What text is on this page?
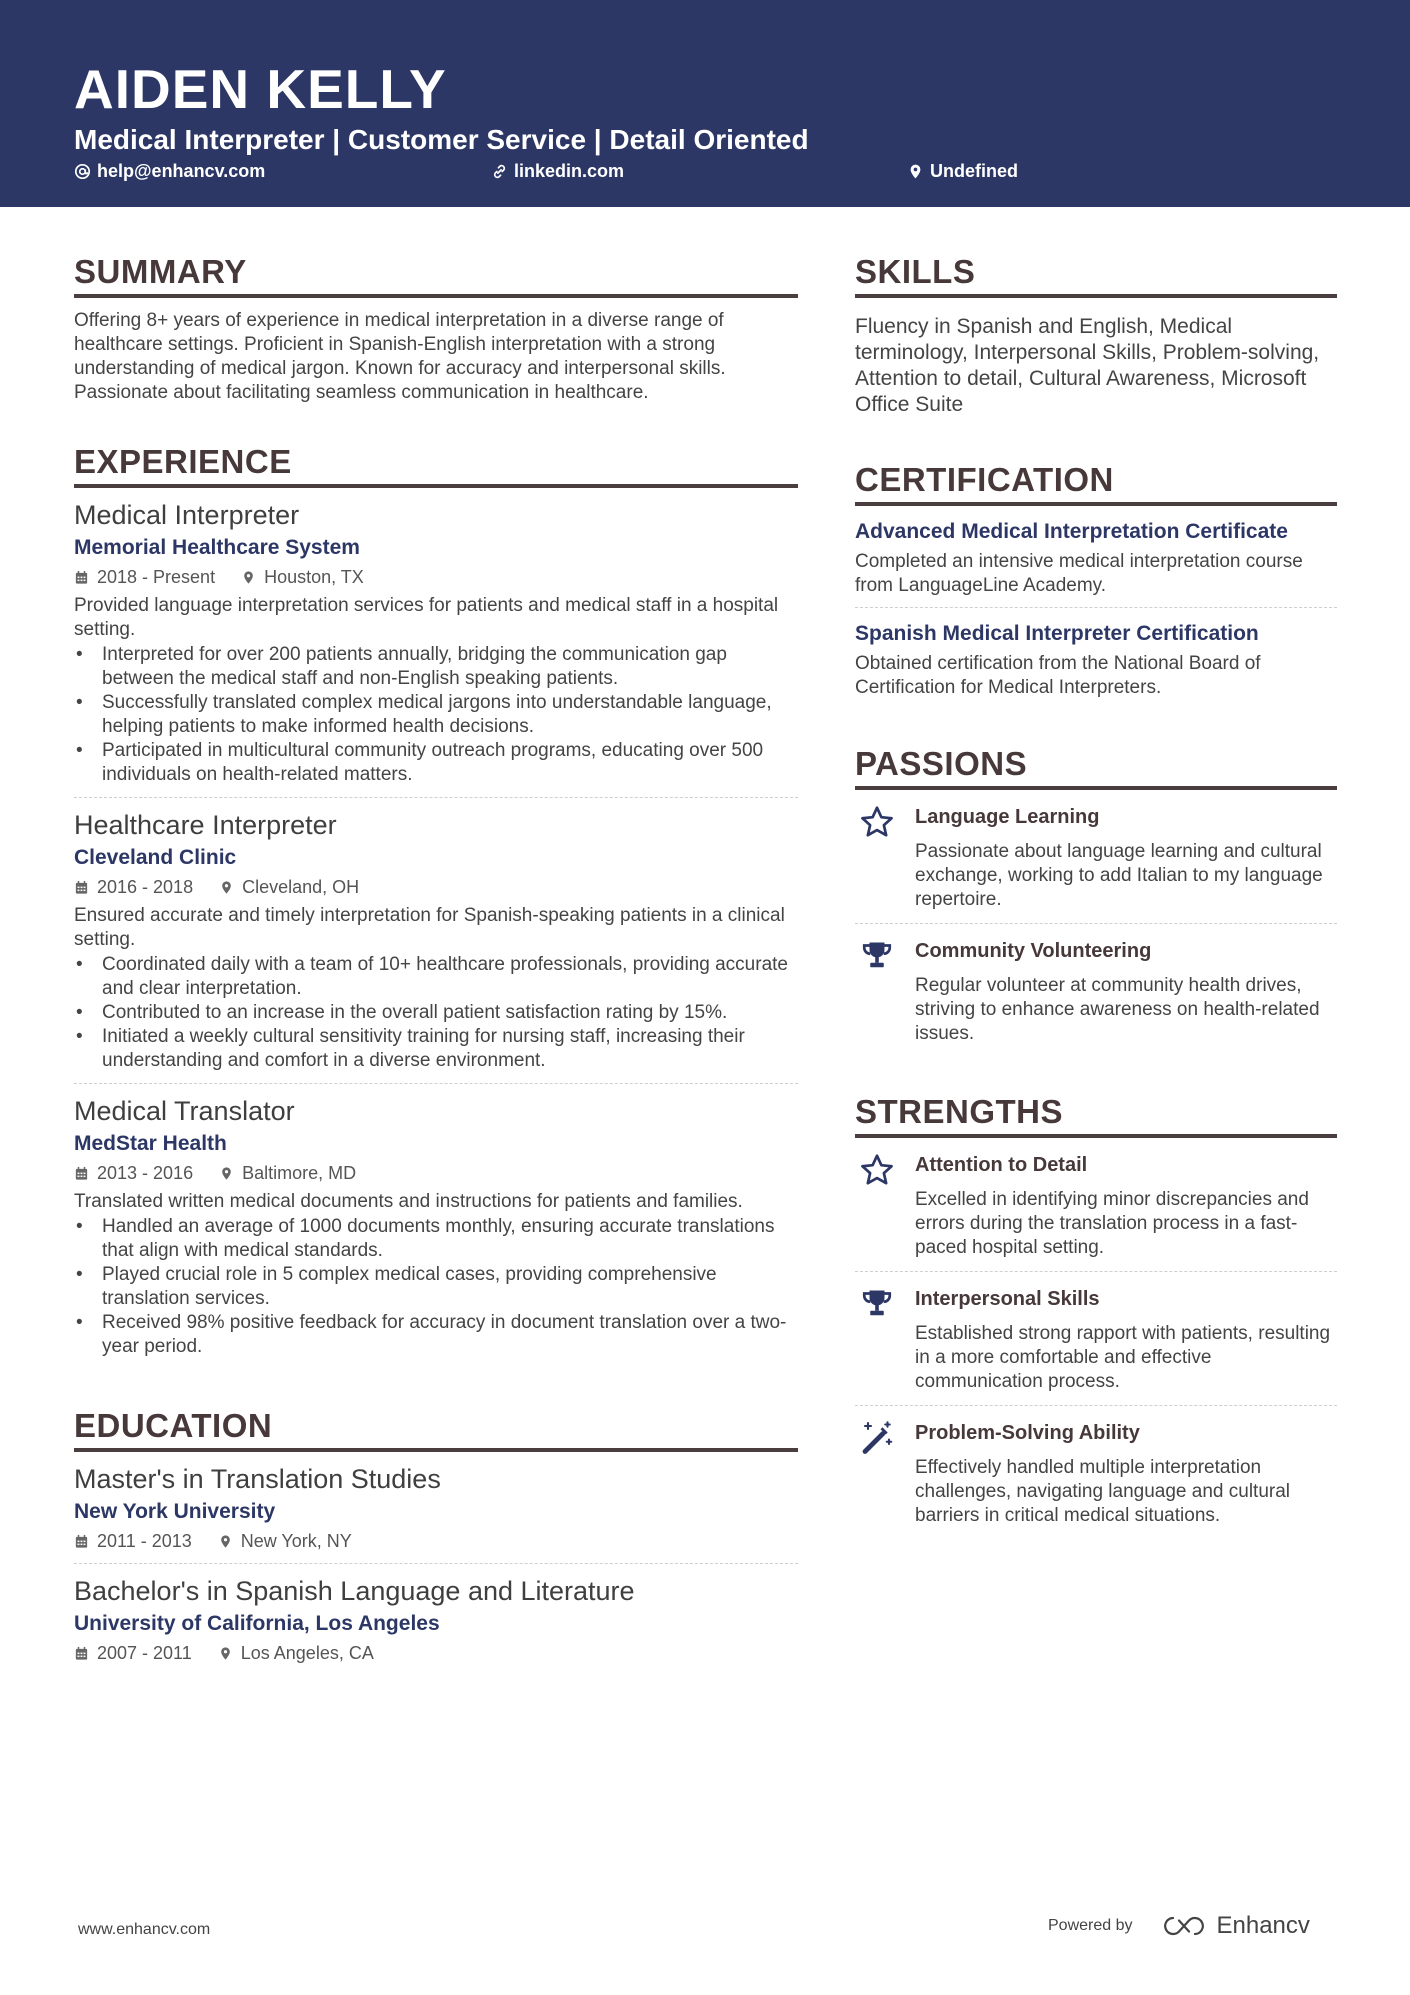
AIDEN KELLY
Medical Interpreter | Customer Service | Detail Oriented
help@enhancv.com	linkedin.com	Undefined
SUMMARY
Offering 8+ years of experience in medical interpretation in a diverse range of healthcare settings. Proficient in Spanish-English interpretation with a strong understanding of medical jargon. Known for accuracy and interpersonal skills. Passionate about facilitating seamless communication in healthcare.
EXPERIENCE
Medical Interpreter
Memorial Healthcare System
2018 - Present	Houston, TX
Provided language interpretation services for patients and medical staff in a hospital setting.
• Interpreted for over 200 patients annually, bridging the communication gap between the medical staff and non-English speaking patients.
• Successfully translated complex medical jargons into understandable language, helping patients to make informed health decisions.
• Participated in multicultural community outreach programs, educating over 500 individuals on health-related matters.
Healthcare Interpreter
Cleveland Clinic
2016 - 2018	Cleveland, OH
Ensured accurate and timely interpretation for Spanish-speaking patients in a clinical setting.
• Coordinated daily with a team of 10+ healthcare professionals, providing accurate and clear interpretation.
• Contributed to an increase in the overall patient satisfaction rating by 15%.
• Initiated a weekly cultural sensitivity training for nursing staff, increasing their understanding and comfort in a diverse environment.
Medical Translator
MedStar Health
2013 - 2016	Baltimore, MD
Translated written medical documents and instructions for patients and families.
• Handled an average of 1000 documents monthly, ensuring accurate translations that align with medical standards.
• Played crucial role in 5 complex medical cases, providing comprehensive translation services.
• Received 98% positive feedback for accuracy in document translation over a two-year period.
EDUCATION
Master's in Translation Studies
New York University
2011 - 2013	New York, NY
Bachelor's in Spanish Language and Literature
University of California, Los Angeles
2007 - 2011	Los Angeles, CA
SKILLS
Fluency in Spanish and English, Medical terminology, Interpersonal Skills, Problem-solving, Attention to detail, Cultural Awareness, Microsoft Office Suite
CERTIFICATION
Advanced Medical Interpretation Certificate
Completed an intensive medical interpretation course from LanguageLine Academy.
Spanish Medical Interpreter Certification
Obtained certification from the National Board of Certification for Medical Interpreters.
PASSIONS
Language Learning
Passionate about language learning and cultural exchange, working to add Italian to my language repertoire.
Community Volunteering
Regular volunteer at community health drives, striving to enhance awareness on health-related issues.
STRENGTHS
Attention to Detail
Excelled in identifying minor discrepancies and errors during the translation process in a fast-paced hospital setting.
Interpersonal Skills
Established strong rapport with patients, resulting in a more comfortable and effective communication process.
Problem-Solving Ability
Effectively handled multiple interpretation challenges, navigating language and cultural barriers in critical medical situations.
www.enhancv.com	Powered by	Enhancv
